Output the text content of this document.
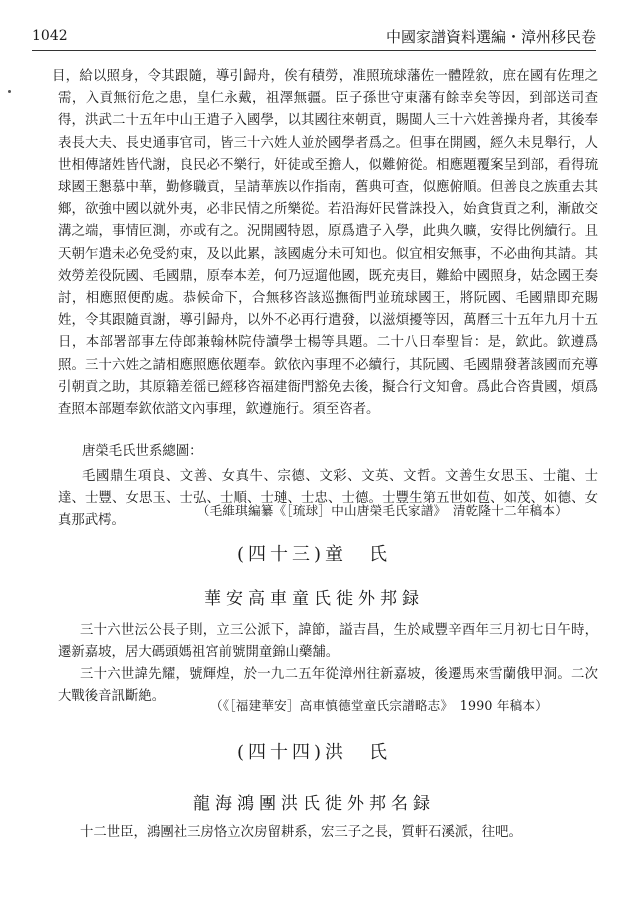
1042	中國家譜資料選編・漳州移民卷
目，給以照身，令其跟隨，導引歸舟，俟有積勞，准照琉球藩佐一體陞敘，庶在國有佐理之需，入貢無衍危之患，皇仁永戴，祖澤無疆。臣子孫世守東藩有餘幸矣等因，到部送司查得，洪武二十五年中山王遣子入國學，以其國往來朝貢，賜閩人三十六姓善操舟者，其後奉表長大夫、長史通事官司，皆三十六姓人並於國學者爲之。但事在開國，經久未見舉行，人世相傳諸姓皆代謝，良民必不樂行，奸徒或至擔人，似難俯從。相應題覆案呈到部，看得琉球國王懇慕中華，勤修職貢，呈請華族以作指南，舊典可查，似應俯順。但善良之族重去其鄉，欲強中國以就外夷，必非民情之所樂從。若沿海奸民嘗誅投入，始貪貨貢之利，漸啟交溝之端，事情叵測，亦或有之。況開國特恩，原爲遣子入學，此典久曠，安得比例續行。且天朝乍遣未必免受約束，及以此累，該國處分未可知也。似宜相安無事，不必曲徇其請。其效勞差役阮國、毛國鼎，原奉本差，何乃逗遛他國，既充夷目，難給中國照身，姑念國王奏討，相應照便酌處。恭候命下，合無移咨該巡撫衙門並琉球國王，將阮國、毛國鼎即充賜姓，令其跟隨貢謝，導引歸舟，以外不必再行遣發，以滋煩擾等因，萬曆三十五年九月十五日，本部署部事左侍郎兼翰林院侍讀學士楊等具題。二十八日奉聖旨：是，欽此。欽遵爲照。三十六姓之請相應照應依題奉。欽依內事理不必續行，其阮國、毛國鼎發著該國而充導引朝貢之助，其原籍差徭已經移咨福建衙門豁免去後，擬合行文知會。爲此合咨貴國，煩爲查照本部題奉欽依諮文內事理，欽遵施行。須至咨者。
唐榮毛氏世系總圖：
毛國鼎生項良、文善、女真牛、宗德、文彩、文英、文哲。文善生女思玉、士龍、士達、士豐、女思玉、士弘、士順、士璉、士忠、士德。士豐生第五世如苞、如茂、如德、女真那武樗。
（毛維琪編纂《［琉球］中山唐榮毛氏家譜》　清乾隆十二年稿本）
(四十三)童　氏
華安高車童氏徙外邦録
三十六世沄公長子則，立三公派下，諱節，謚吉昌，生於咸豐辛酉年三月初七日午時，遷新嘉坡，居大碼頭媽祖宮前號開童錦山藥舗。
三十六世諱先耀，號輝煌，於一九二五年從漳州往新嘉坡，後遷馬來雪蘭俄甲洞。二次大戰後音訊斷絶。
（《［福建華安］高車慎德堂童氏宗譜略志》　1990 年稿本）
(四十四)洪　氏
龍海鴻團洪氏徙外邦名録
十二世臣，鴻團社三房恪立次房留耕系，宏三子之長，質軒石溪派，往吧。
